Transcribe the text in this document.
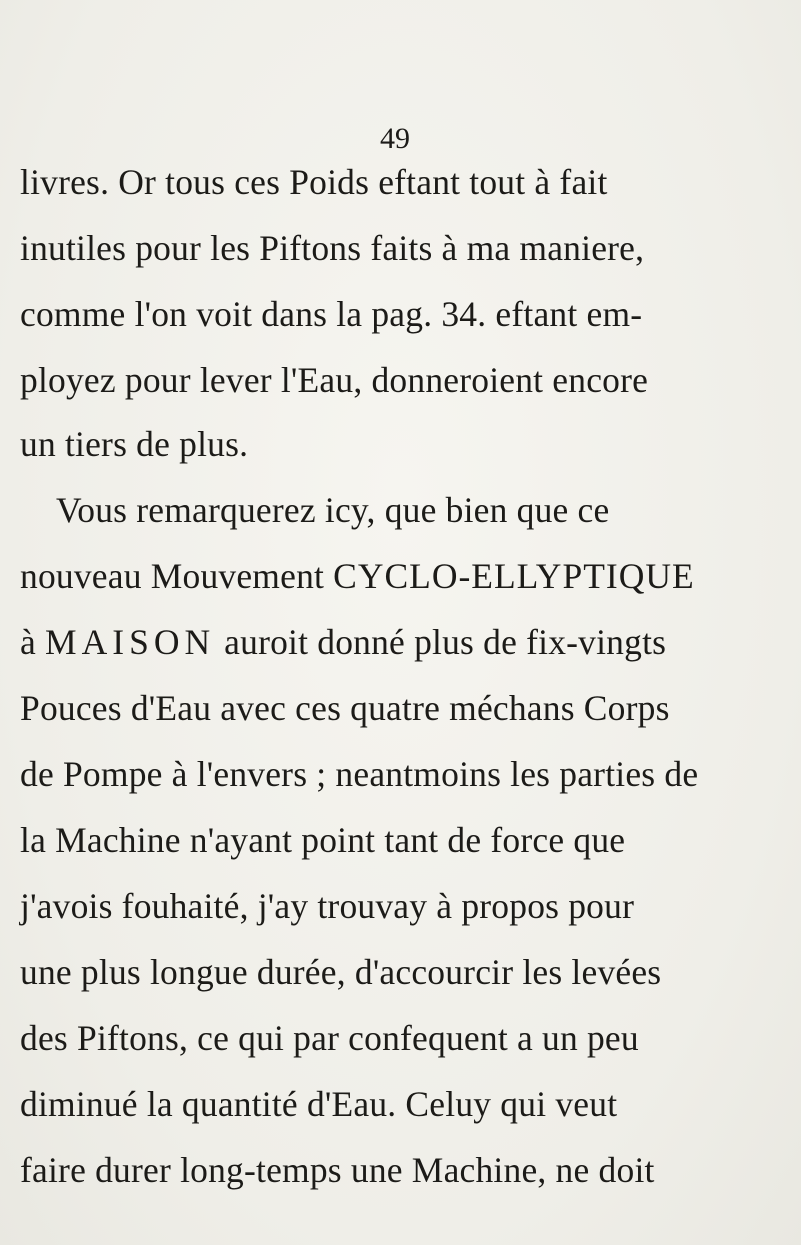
49
livres. Or tous ces Poids eftant tout à fait
inutiles pour les Piftons faits à ma maniere,
comme l'on voit dans la pag. 34. eftant em-
ployez pour lever l'Eau, donneroient encore
un tiers de plus.
Vous remarquerez icy, que bien que ce
nouveau Mouvement CYCLO-ELLYPTIQUE
à MAISON auroit donné plus de fix-vingts
Pouces d'Eau avec ces quatre méchans Corps
de Pompe à l'envers ; neantmoins les parties de
la Machine n'ayant point tant de force que
j'avois fouhaité, j'ay trouvay à propos pour
une plus longue durée, d'accourcir les levées
des Piftons, ce qui par confequent a un peu
diminué la quantité d'Eau. Celuy qui veut
faire durer long-temps une Machine, ne doit
